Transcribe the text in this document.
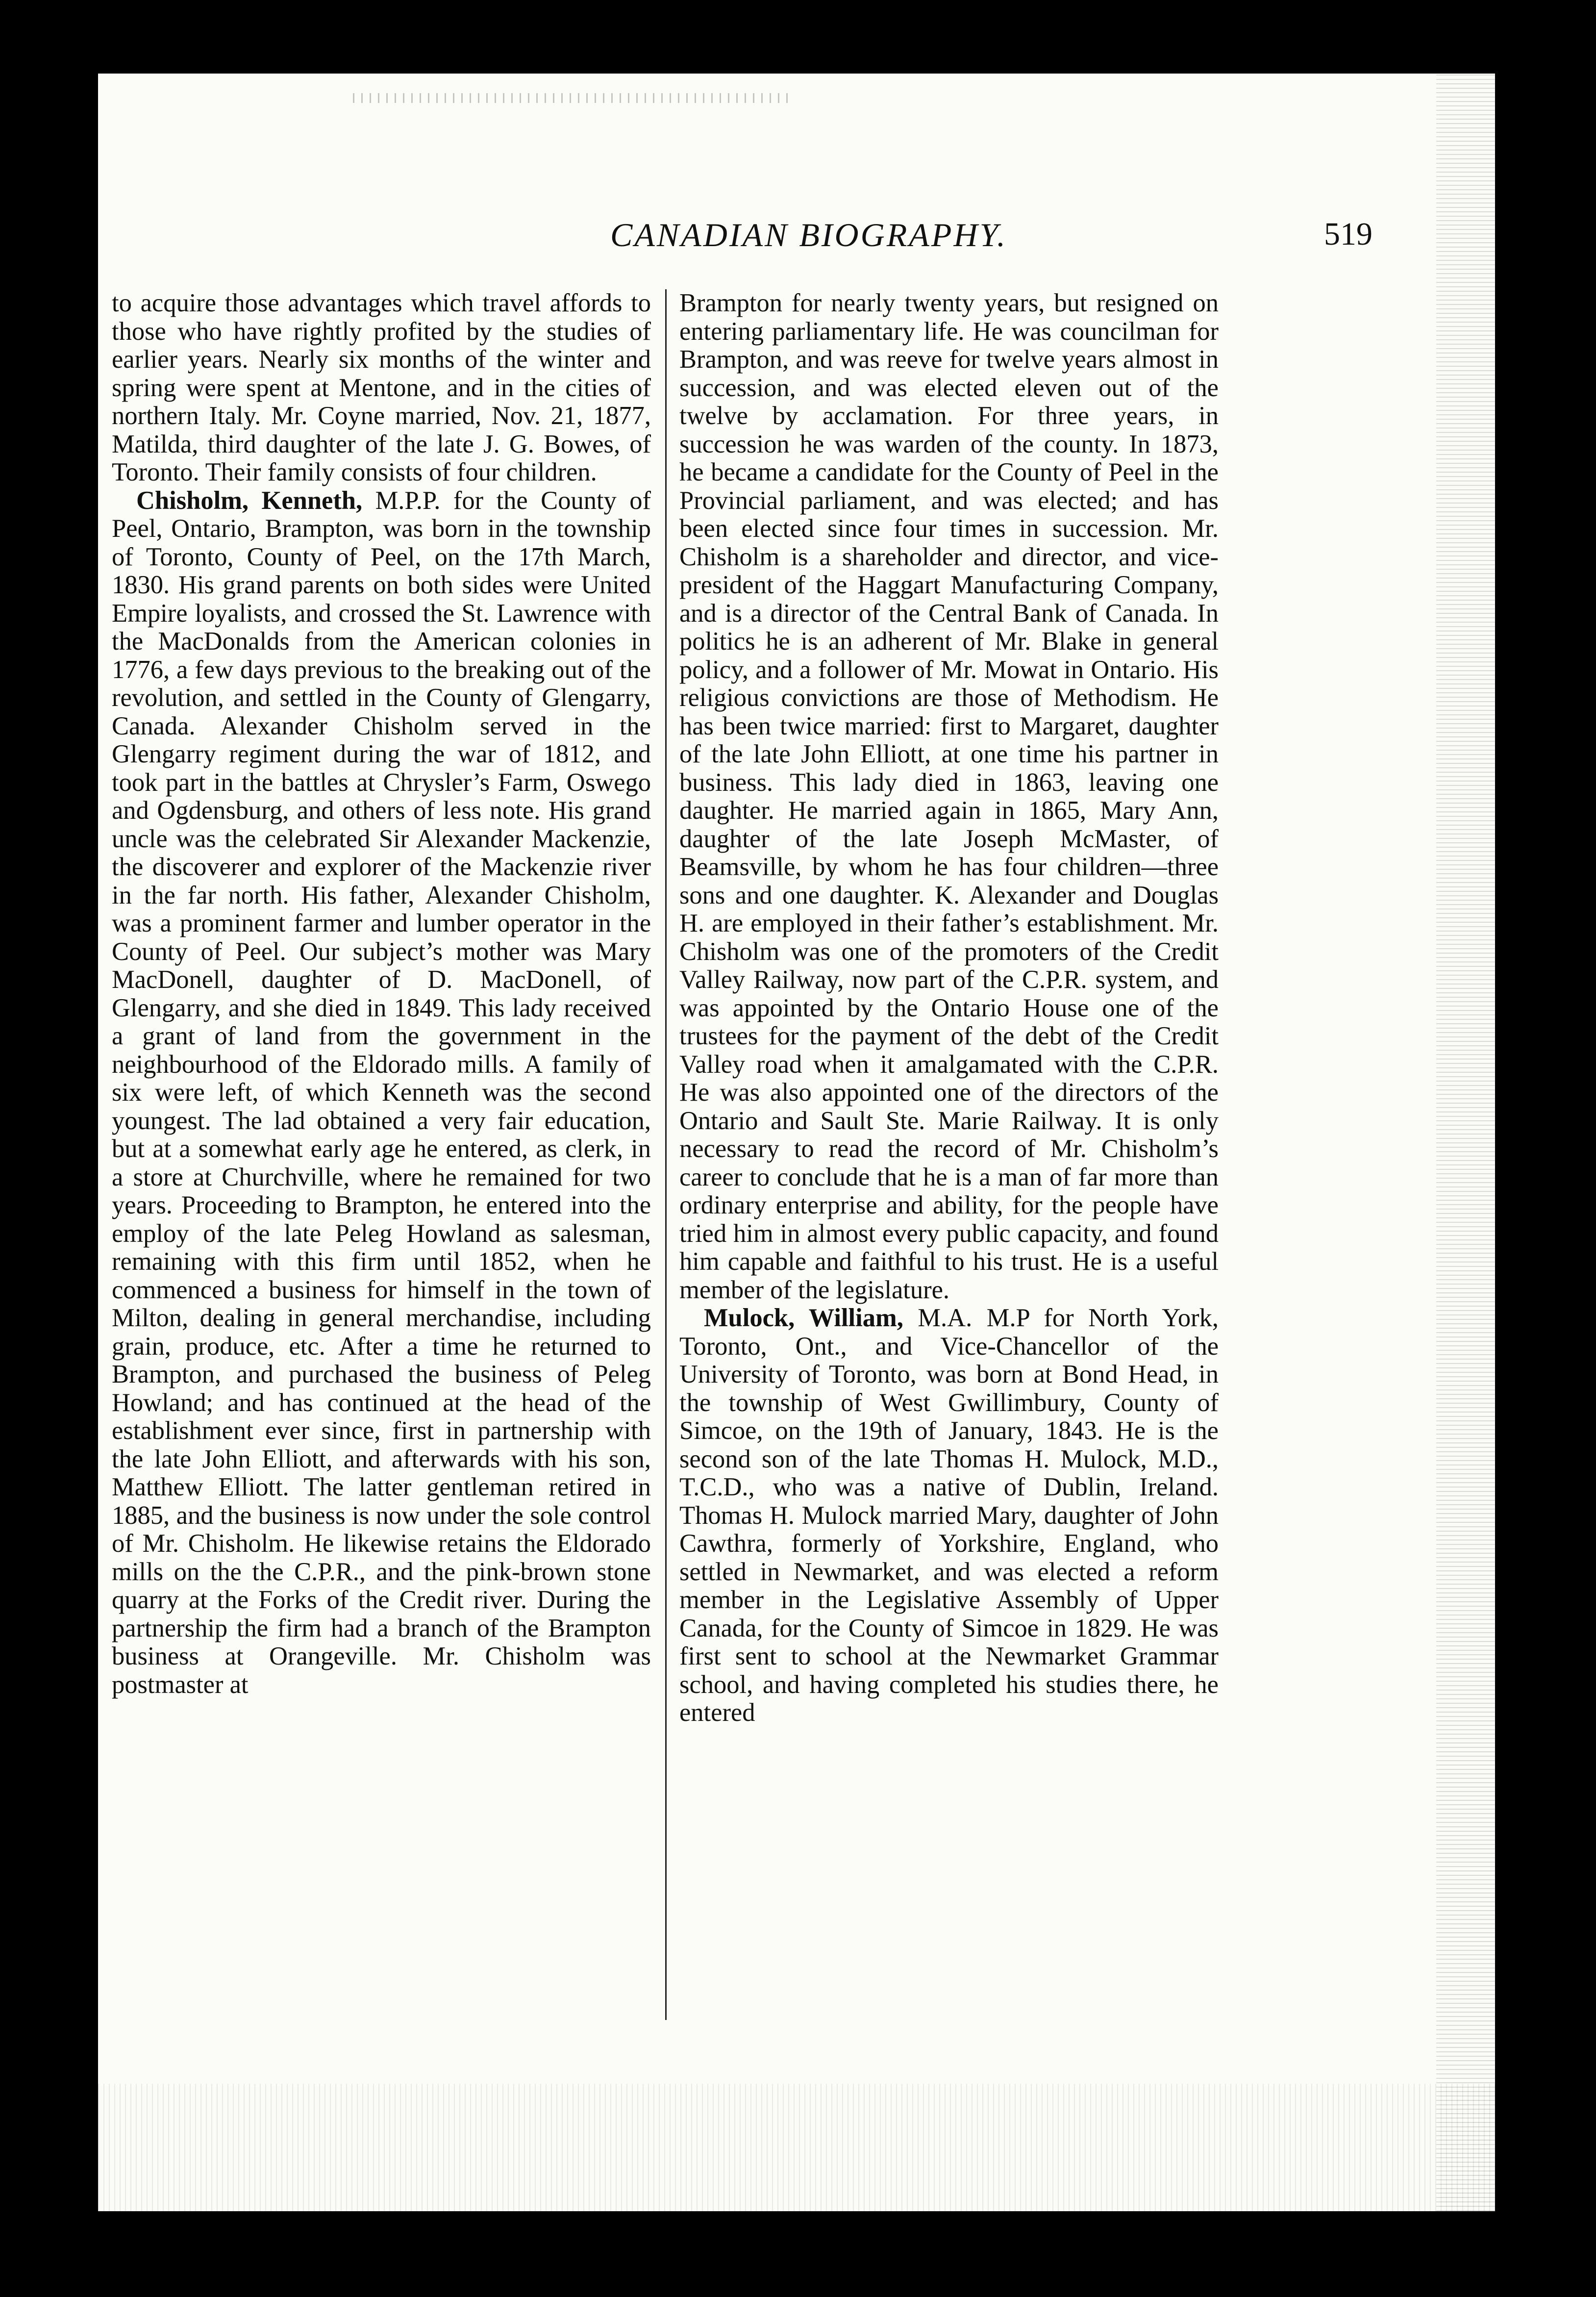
CANADIAN BIOGRAPHY.	519

to acquire those advantages which travel affords to those who have rightly profited by the studies of earlier years. Nearly six months of the winter and spring were spent at Mentone, and in the cities of northern Italy. Mr. Coyne married, Nov. 21, 1877, Matilda, third daughter of the late J. G. Bowes, of Toronto. Their family consists of four children.

Chisholm, Kenneth, M.P.P. for the County of Peel, Ontario, Brampton, was born in the township of Toronto, County of Peel, on the 17th March, 1830. His grand parents on both sides were United Empire loyalists, and crossed the St. Lawrence with the MacDonalds from the American colonies in 1776, a few days previous to the breaking out of the revolution, and settled in the County of Glengarry, Canada. Alexander Chisholm served in the Glengarry regiment during the war of 1812, and took part in the battles at Chrysler’s Farm, Oswego and Ogdensburg, and others of less note. His grand uncle was the celebrated Sir Alexander Mackenzie, the discoverer and explorer of the Mackenzie river in the far north. His father, Alexander Chisholm, was a prominent farmer and lumber operator in the County of Peel. Our subject’s mother was Mary MacDonell, daughter of D. MacDonell, of Glengarry, and she died in 1849. This lady received a grant of land from the government in the neighbourhood of the Eldorado mills. A family of six were left, of which Kenneth was the second youngest. The lad obtained a very fair education, but at a somewhat early age he entered, as clerk, in a store at Churchville, where he remained for two years. Proceeding to Brampton, he entered into the employ of the late Peleg Howland as salesman, remaining with this firm until 1852, when he commenced a business for himself in the town of Milton, dealing in general merchandise, including grain, produce, etc. After a time he returned to Brampton, and purchased the business of Peleg Howland; and has continued at the head of the establishment ever since, first in partnership with the late John Elliott, and afterwards with his son, Matthew Elliott. The latter gentleman retired in 1885, and the business is now under the sole control of Mr. Chisholm. He likewise retains the Eldorado mills on the the C.P.R., and the pink-brown stone quarry at the Forks of the Credit river. During the partnership the firm had a branch of the Brampton business at Orangeville. Mr. Chisholm was postmaster at

Brampton for nearly twenty years, but resigned on entering parliamentary life. He was councilman for Brampton, and was reeve for twelve years almost in succession, and was elected eleven out of the twelve by acclamation. For three years, in succession he was warden of the county. In 1873, he became a candidate for the County of Peel in the Provincial parliament, and was elected; and has been elected since four times in succession. Mr. Chisholm is a shareholder and director, and vice-president of the Haggart Manufacturing Company, and is a director of the Central Bank of Canada. In politics he is an adherent of Mr. Blake in general policy, and a follower of Mr. Mowat in Ontario. His religious convictions are those of Methodism. He has been twice married: first to Margaret, daughter of the late John Elliott, at one time his partner in business. This lady died in 1863, leaving one daughter. He married again in 1865, Mary Ann, daughter of the late Joseph McMaster, of Beamsville, by whom he has four children—three sons and one daughter. K. Alexander and Douglas H. are employed in their father’s establishment. Mr. Chisholm was one of the promoters of the Credit Valley Railway, now part of the C.P.R. system, and was appointed by the Ontario House one of the trustees for the payment of the debt of the Credit Valley road when it amalgamated with the C.P.R. He was also appointed one of the directors of the Ontario and Sault Ste. Marie Railway. It is only necessary to read the record of Mr. Chisholm’s career to conclude that he is a man of far more than ordinary enterprise and ability, for the people have tried him in almost every public capacity, and found him capable and faithful to his trust. He is a useful member of the legislature.

Mulock, William, M.A. M.P for North York, Toronto, Ont., and Vice-Chancellor of the University of Toronto, was born at Bond Head, in the township of West Gwillimbury, County of Simcoe, on the 19th of January, 1843. He is the second son of the late Thomas H. Mulock, M.D., T.C.D., who was a native of Dublin, Ireland. Thomas H. Mulock married Mary, daughter of John Cawthra, formerly of Yorkshire, England, who settled in Newmarket, and was elected a reform member in the Legislative Assembly of Upper Canada, for the County of Simcoe in 1829. He was first sent to school at the Newmarket Grammar school, and having completed his studies there, he entered
